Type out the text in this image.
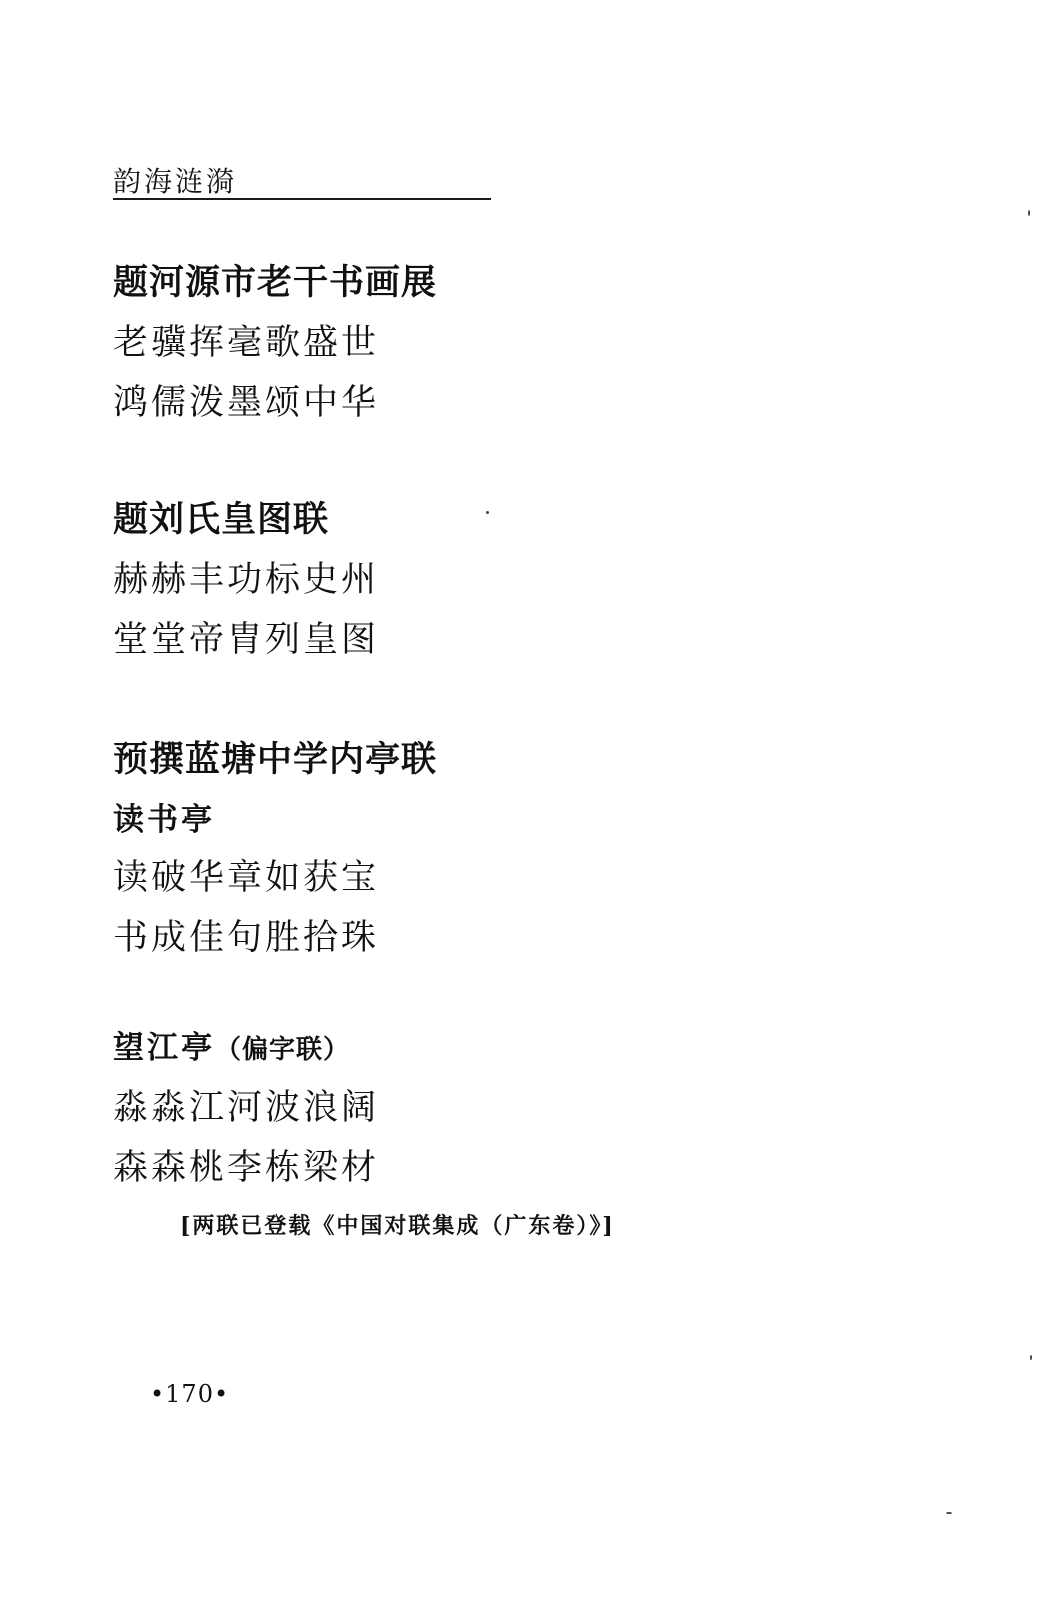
韵海涟漪

题河源市老干书画展

老骥挥毫歌盛世

鸿儒泼墨颂中华

题刘氏皇图联

赫赫丰功标史州

堂堂帝胄列皇图

预撰蓝塘中学内亭联

读书亭

读破华章如获宝

书成佳句胜拾珠

望江亭（偏字联）

淼淼江河波浪阔

森森桃李栋梁材

[两联已登载《中国对联集成（广东卷）》]
•170•
